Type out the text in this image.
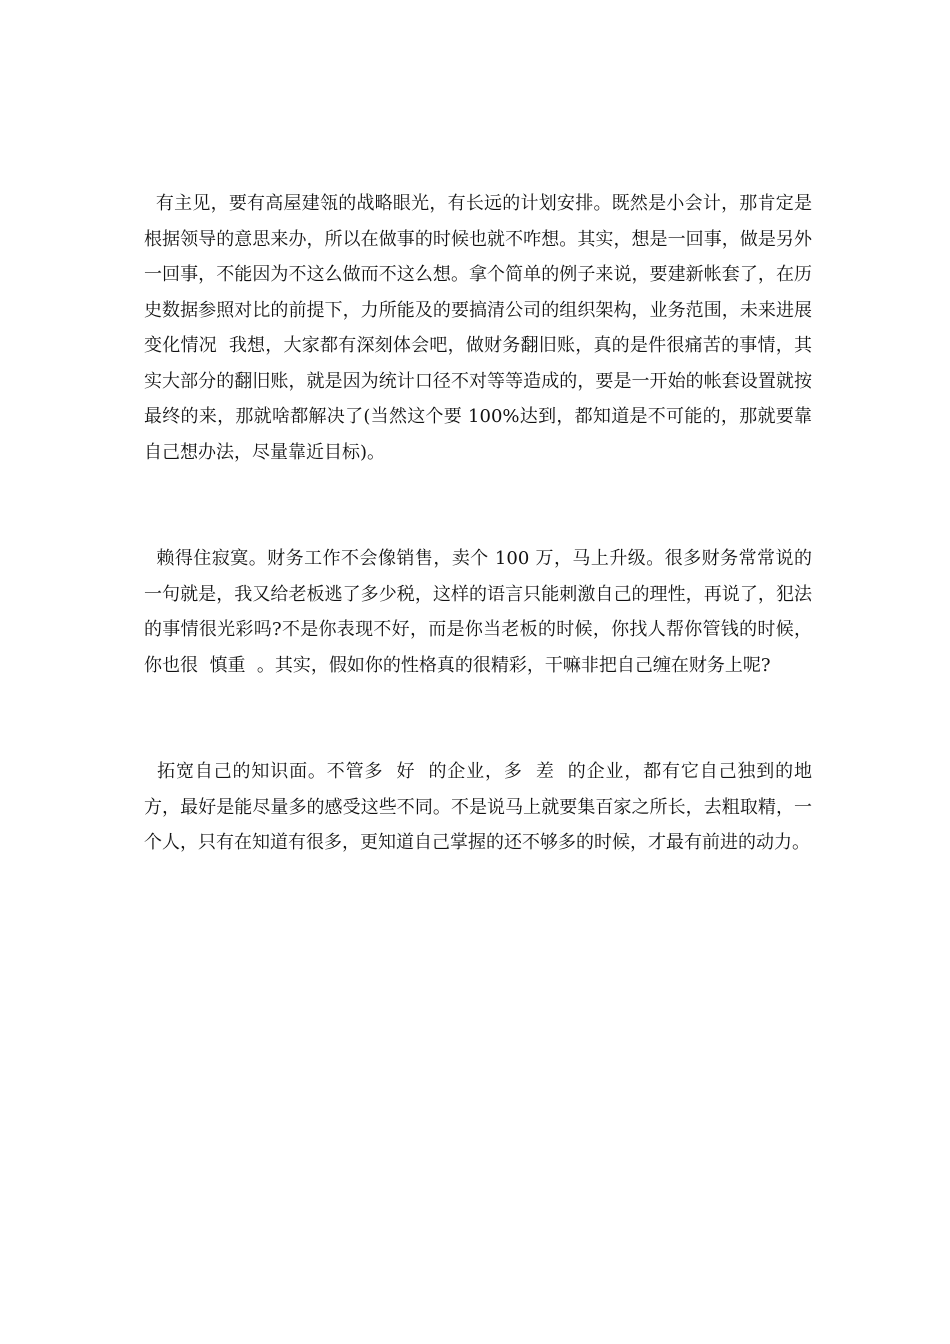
有主见，要有高屋建瓴的战略眼光，有长远的计划安排。既然是小会计，那肯定是根据领导的意思来办，所以在做事的时候也就不咋想。其实，想是一回事，做是另外一回事，不能因为不这么做而不这么想。拿个简单的例子来说，要建新帐套了，在历史数据参照对比的前提下，力所能及的要搞清公司的组织架构，业务范围，未来进展变化情况  我想，大家都有深刻体会吧，做财务翻旧账，真的是件很痛苦的事情，其实大部分的翻旧账，就是因为统计口径不对等等造成的，要是一开始的帐套设置就按最终的来，那就啥都解决了(当然这个要 100%达到，都知道是不可能的，那就要靠自己想办法，尽量靠近目标)。

赖得住寂寞。财务工作不会像销售，卖个 100 万，马上升级。很多财务常常说的一句就是，我又给老板逃了多少税，这样的语言只能刺激自己的理性，再说了，犯法的事情很光彩吗?不是你表现不好，而是你当老板的时候，你找人帮你管钱的时候，你也很  慎重  。其实，假如你的性格真的很精彩，干嘛非把自己缠在财务上呢?

拓宽自己的知识面。不管多  好  的企业，多  差  的企业，都有它自己独到的地方，最好是能尽量多的感受这些不同。不是说马上就要集百家之所长，去粗取精，一个人，只有在知道有很多，更知道自己掌握的还不够多的时候，才最有前进的动力。
